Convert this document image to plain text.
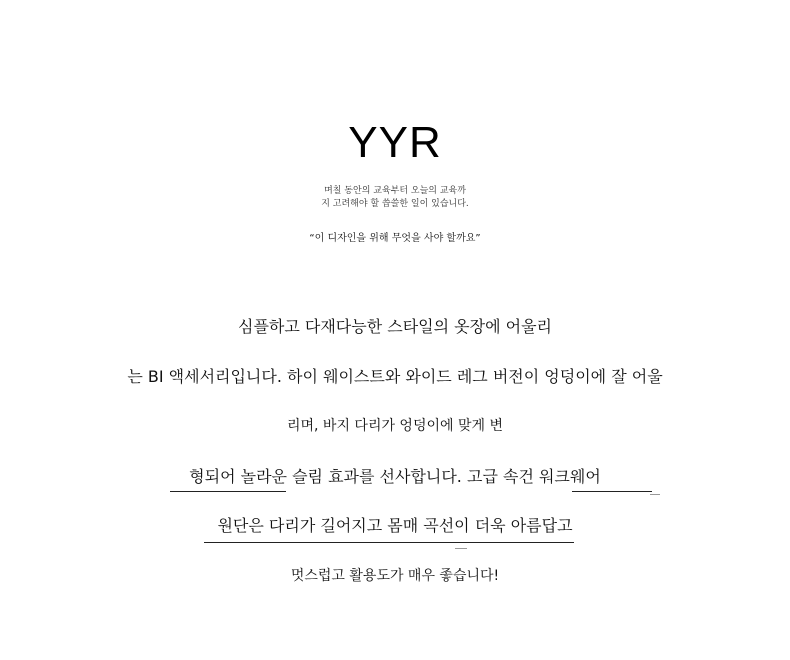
YYR
며칠 동안의 교육부터 오늘의 교육까
지 고려해야 할 씁쓸한 일이 있습니다.
“이 디자인을 위해 무엇을 사야 할까요”
심플하고 다재다능한 스타일의 옷장에 어울리
는 BI 액세서리입니다. 하이 웨이스트와 와이드 레그 버전이 엉덩이에 잘 어울
리며, 바지 다리가 엉덩이에 맞게 변
형되어 놀라운 슬림 효과를 선사합니다. 고급 속건 워크웨어
원단은 다리가 길어지고 몸매 곡선이 더욱 아름답고
멋스럽고 활용도가 매우 좋습니다!
